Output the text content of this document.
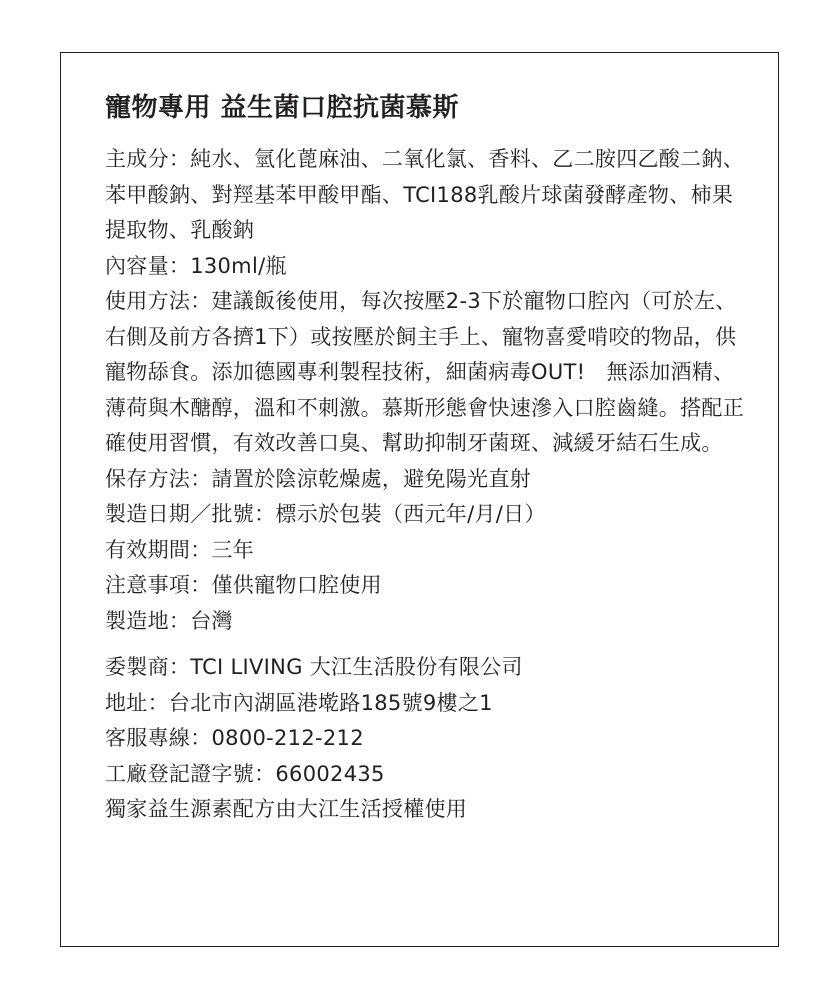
寵物專用 益生菌口腔抗菌慕斯

主成分：純水、氫化蓖麻油、二氧化氯、香料、乙二胺四乙酸二鈉、苯甲酸鈉、對羥基苯甲酸甲酯、TCI188乳酸片球菌發酵產物、柿果提取物、乳酸鈉

內容量：130ml/瓶

使用方法：建議飯後使用，每次按壓2-3下於寵物口腔內（可於左、右側及前方各擠1下）或按壓於飼主手上、寵物喜愛啃咬的物品，供寵物舔食。添加德國專利製程技術，細菌病毒OUT!　無添加酒精、薄荷與木醣醇，溫和不刺激。慕斯形態會快速滲入口腔齒縫。搭配正確使用習慣，有效改善口臭、幫助抑制牙菌斑、減緩牙結石生成。

保存方法：請置於陰涼乾燥處，避免陽光直射

製造日期／批號：標示於包裝（西元年/月/日）

有效期間：三年

注意事項：僅供寵物口腔使用

製造地：台灣

委製商：TCI LIVING 大江生活股份有限公司

地址：台北市內湖區港墘路185號9樓之1

客服專線：0800-212-212

工廠登記證字號：66002435

獨家益生源素配方由大江生活授權使用
